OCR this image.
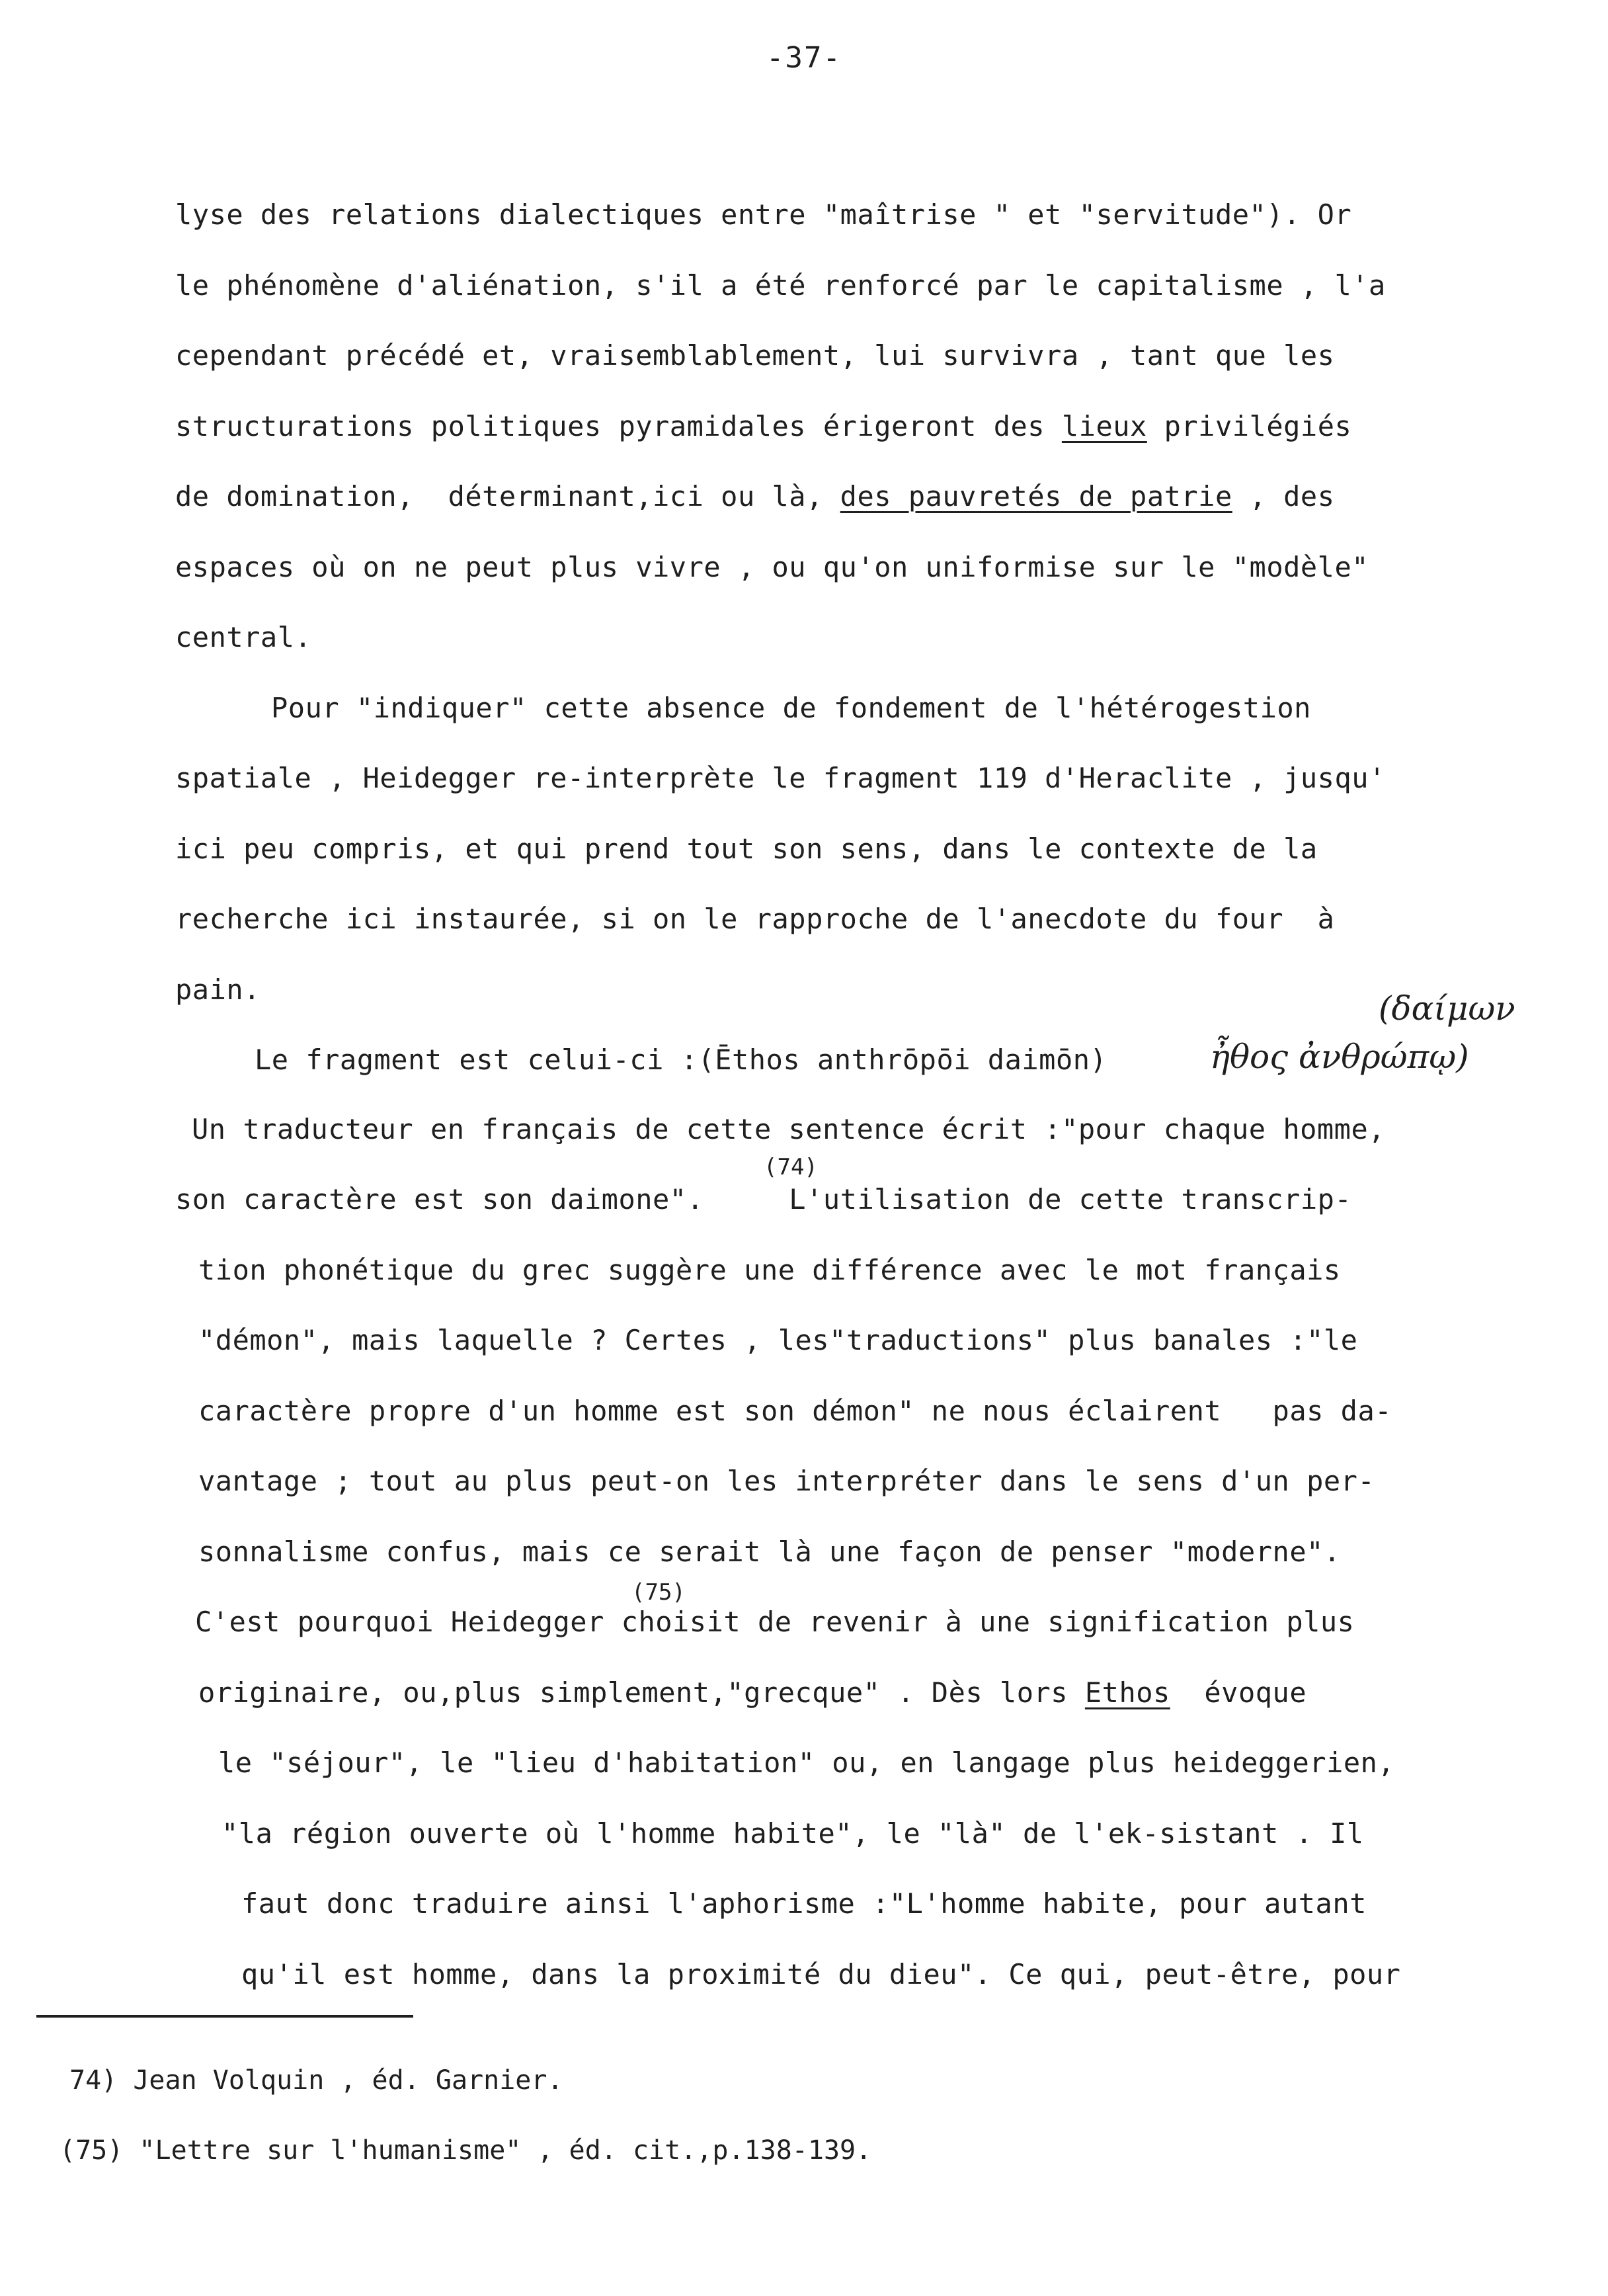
-37-
lyse des relations dialectiques entre "maîtrise " et "servitude"). Or
le phénomène d'aliénation, s'il a été renforcé par le capitalisme , l'a
cependant précédé et, vraisemblablement, lui survivra , tant que les
structurations politiques pyramidales érigeront des lieux privilégiés
de domination,  déterminant,ici ou là, des pauvretés de patrie , des
espaces où on ne peut plus vivre , ou qu'on uniformise sur le "modèle"
central.
Pour "indiquer" cette absence de fondement de l'hétérogestion
spatiale , Heidegger re-interprète le fragment 119 d'Heraclite , jusqu'
ici peu compris, et qui prend tout son sens, dans le contexte de la
recherche ici instaurée, si on le rapproche de l'anecdote du four  à
pain.	(δαίμων
Le fragment est celui-ci :(Ēthos anthrōpōi daimōn)	ἦθος ἀνθρώπῳ)
Un traducteur en français de cette sentence écrit :"pour chaque homme,
(74)
son caractère est son daimone".     L'utilisation de cette transcrip-
tion phonétique du grec suggère une différence avec le mot français
"démon", mais laquelle ? Certes , les"traductions" plus banales :"le
caractère propre d'un homme est son démon" ne nous éclairent   pas da-
vantage ; tout au plus peut-on les interpréter dans le sens d'un per-
sonnalisme confus, mais ce serait là une façon de penser "moderne".
(75)
C'est pourquoi Heidegger choisit de revenir à une signification plus
originaire, ou,plus simplement,"grecque" . Dès lors Ethos  évoque
le "séjour", le "lieu d'habitation" ou, en langage plus heideggerien,
"la région ouverte où l'homme habite", le "là" de l'ek-sistant . Il
faut donc traduire ainsi l'aphorisme :"L'homme habite, pour autant
qu'il est homme, dans la proximité du dieu". Ce qui, peut-être, pour
74) Jean Volquin , éd. Garnier.
(75) "Lettre sur l'humanisme" , éd. cit.,p.138-139.
